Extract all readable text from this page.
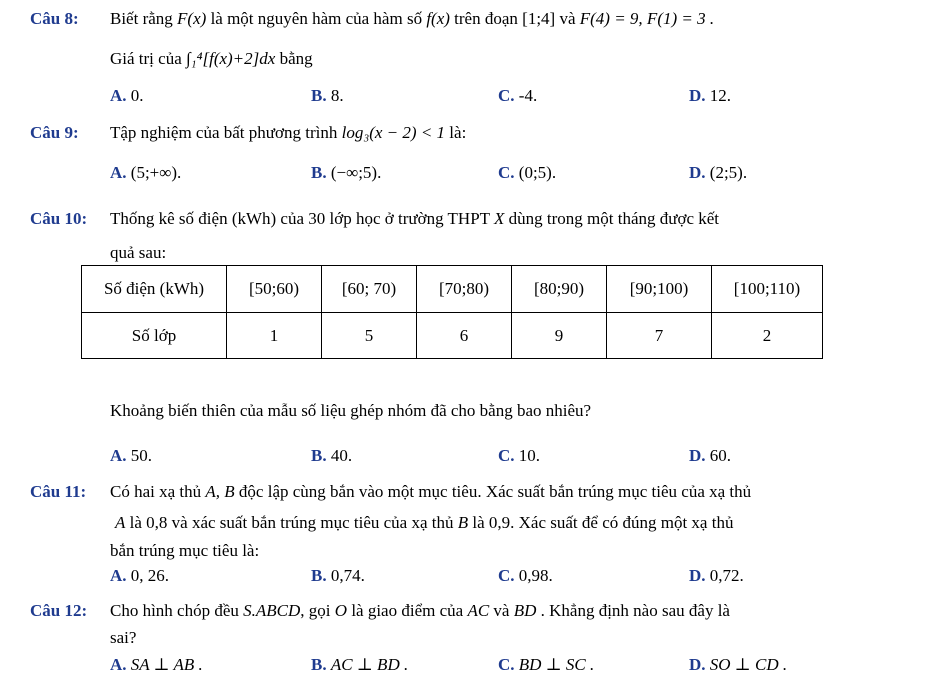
Câu 8: Biết rằng F(x) là một nguyên hàm của hàm số f(x) trên đoạn [1;4] và F(4) = 9, F(1) = 3 .
Giá trị của ∫₁⁴[f(x)+2]dx bằng
A. 0.	B. 8.	C. -4.	D. 12.
Câu 9: Tập nghiệm của bất phương trình log₃(x − 2) < 1 là:
A. (5;+∞).	B. (−∞;5).	C. (0;5).	D. (2;5).
Câu 10: Thống kê số điện (kWh) của 30 lớp học ở trường THPT X dùng trong một tháng được kết
quả sau:
Số điện (kWh)	[50;60)	[60; 70)	[70;80)	[80;90)	[90;100)	[100;110)
Số lớp	1	5	6	9	7	2
Khoảng biến thiên của mẫu số liệu ghép nhóm đã cho bằng bao nhiêu?
A. 50.	B. 40.	C. 10.	D. 60.
Câu 11: Có hai xạ thủ A, B độc lập cùng bắn vào một mục tiêu. Xác suất bắn trúng mục tiêu của xạ thủ
A là 0,8 và xác suất bắn trúng mục tiêu của xạ thủ B là 0,9. Xác suất để có đúng một xạ thủ
bắn trúng mục tiêu là:
A. 0, 26.	B. 0,74.	C. 0,98.	D. 0,72.
Câu 12: Cho hình chóp đều S.ABCD, gọi O là giao điểm của AC và BD . Khẳng định nào sau đây là
sai?
A. SA ⊥ AB .	B. AC ⊥ BD .	C. BD ⊥ SC .	D. SO ⊥ CD .
